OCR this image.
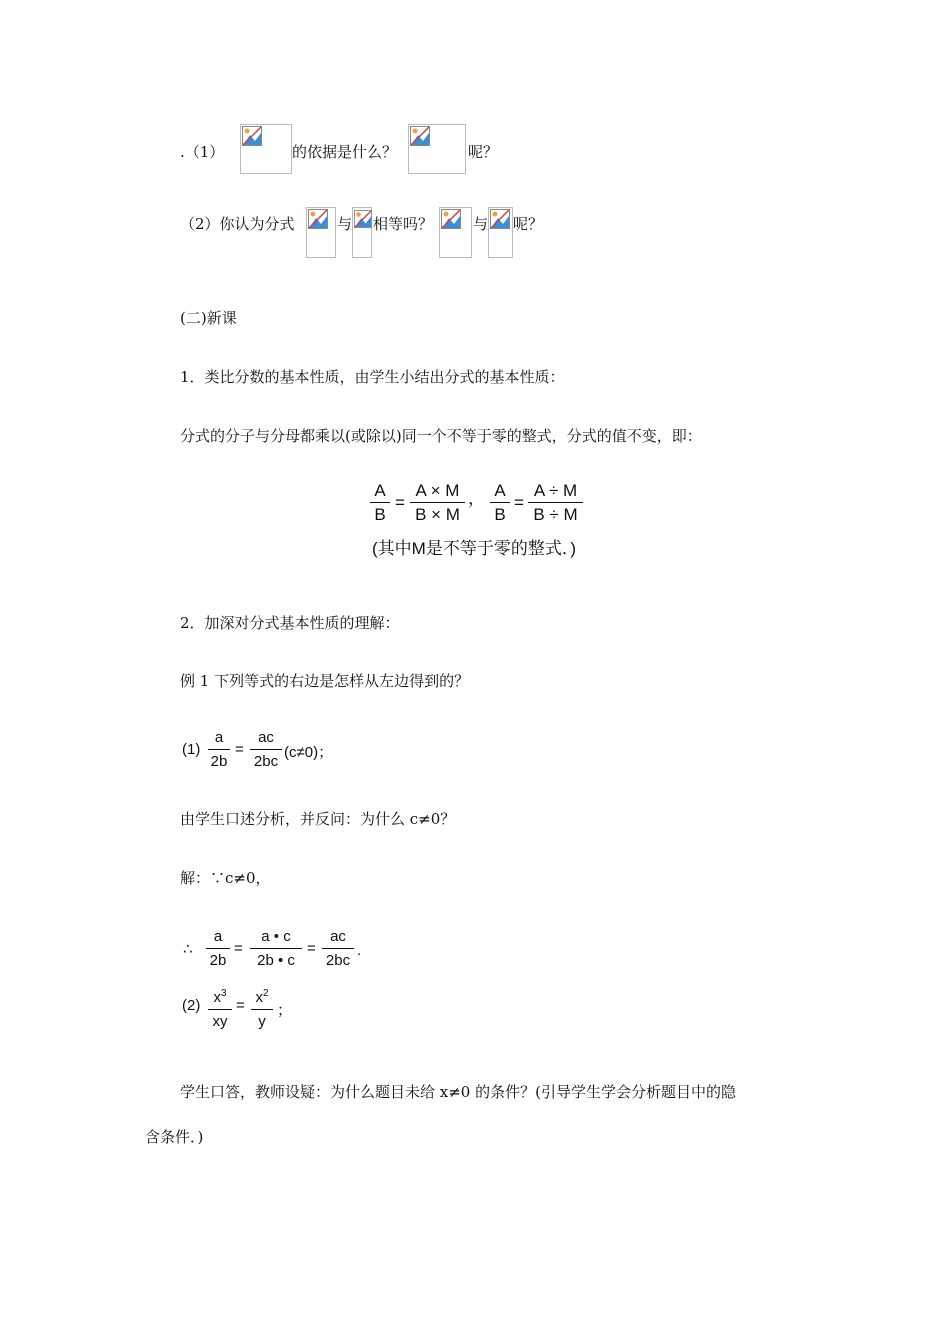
.（1）	的依据是什么？	呢？
（2）你认为分式	与 相等吗？	与 呢？
(二)新课
1．类比分数的基本性质，由学生小结出分式的基本性质：
分式的分子与分母都乘以(或除以)同一个不等于零的整式，分式的值不变，即：
A
B
=
A × M
B × M
， A
B
=
A ÷ M
B ÷ M
(其中M是不等于零的整式．)
2．加深对分式基本性质的理解：
例 1 下列等式的右边是怎样从左边得到的？
(1)
a
2b
=
ac
2bc
(c≠0)；
由学生口述分析，并反问：为什么 c≠0？
解：∵c≠0，
∴
a
2b
=
a • c
2b • c
=
ac
2bc
.
(2) $x^3$
xy
= $x^2$
y
；
学生口答，教师设疑：为什么题目未给 x≠0 的条件？(引导学生学会分析题目中的隐
含条件．)
